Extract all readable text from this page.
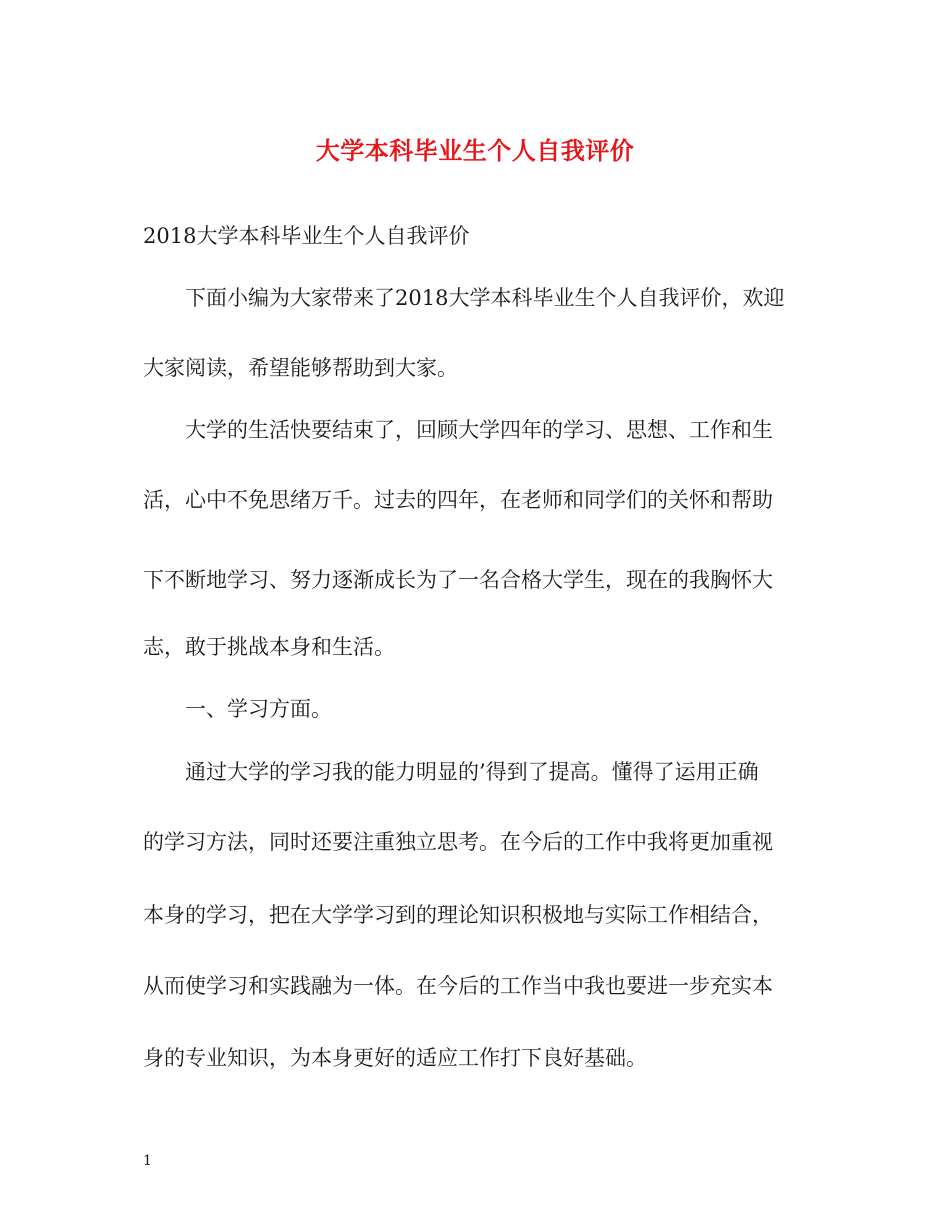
大学本科毕业生个人自我评价
2018大学本科毕业生个人自我评价
下面小编为大家带来了2018大学本科毕业生个人自我评价，欢迎
大家阅读，希望能够帮助到大家。
大学的生活快要结束了，回顾大学四年的学习、思想、工作和生
活，心中不免思绪万千。过去的四年，在老师和同学们的关怀和帮助
下不断地学习、努力逐渐成长为了一名合格大学生，现在的我胸怀大
志，敢于挑战本身和生活。
一、学习方面。
通过大学的学习我的能力明显的’得到了提高。懂得了运用正确
的学习方法，同时还要注重独立思考。在今后的工作中我将更加重视
本身的学习，把在大学学习到的理论知识积极地与实际工作相结合，
从而使学习和实践融为一体。在今后的工作当中我也要进一步充实本
身的专业知识，为本身更好的适应工作打下良好基础。
1
